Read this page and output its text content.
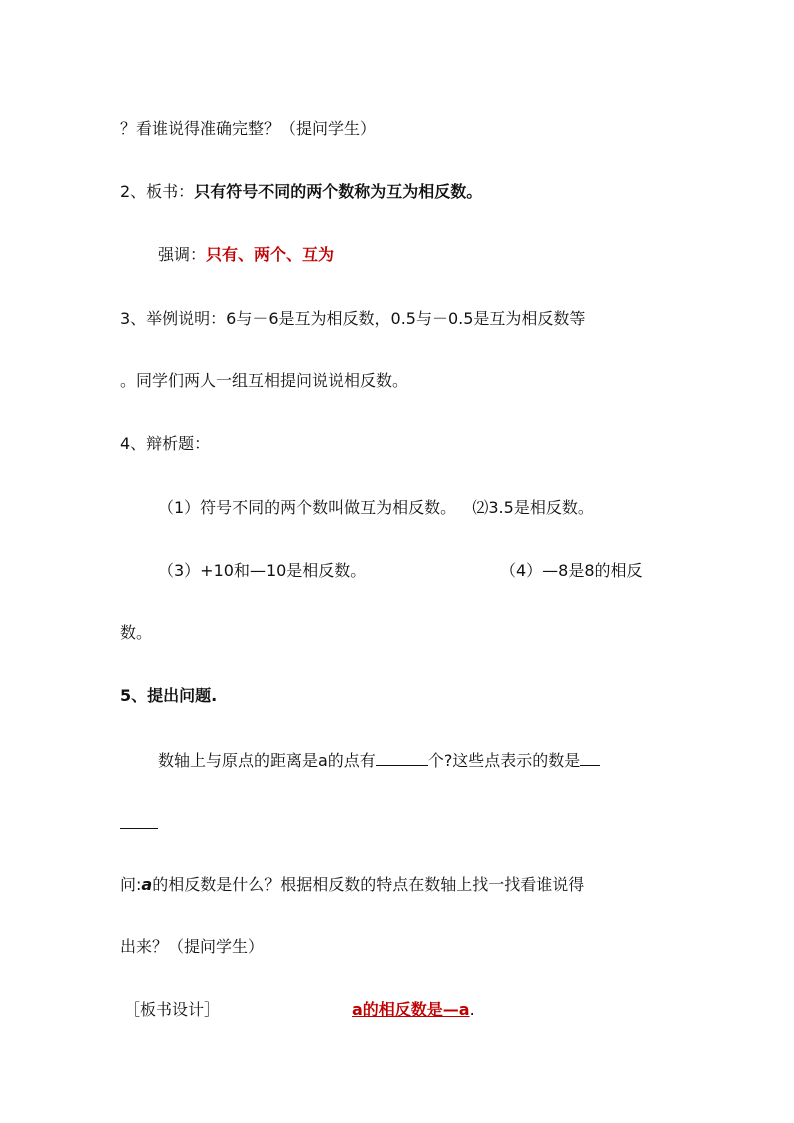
？看谁说得准确完整？（提问学生）
2、板书：只有符号不同的两个数称为互为相反数。
强调：只有、两个、互为
3、举例说明：6与－6是互为相反数，0.5与－0.5是互为相反数等
。同学们两人一组互相提问说说相反数。
4、辩析题：
（1）符号不同的两个数叫做互为相反数。 ⑵3.5是相反数。
（3）+10和—10是相反数。	（4）—8是8的相反
数。
5、提出问题.
数轴上与原点的距离是a的点有	个?这些点表示的数是
问:a的相反数是什么？根据相反数的特点在数轴上找一找看谁说得
出来？（提问学生）
［板书设计］	a的相反数是—a.
